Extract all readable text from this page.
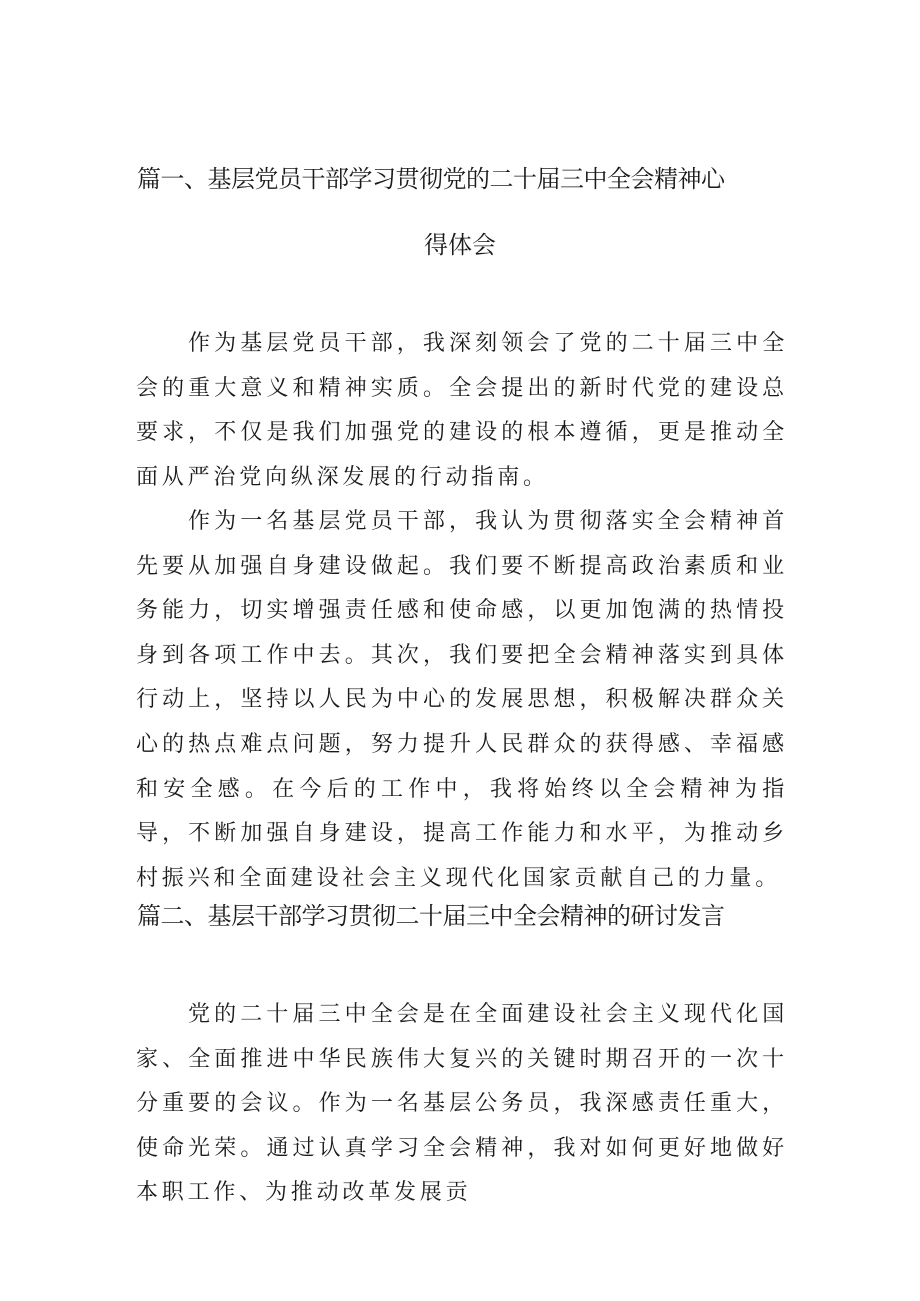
篇一、基层党员干部学习贯彻党的二十届三中全会精神心
得体会

作为基层党员干部，我深刻领会了党的二十届三中全会的重大意义和精神实质。全会提出的新时代党的建设总要求，不仅是我们加强党的建设的根本遵循，更是推动全面从严治党向纵深发展的行动指南。

作为一名基层党员干部，我认为贯彻落实全会精神首先要从加强自身建设做起。我们要不断提高政治素质和业务能力，切实增强责任感和使命感，以更加饱满的热情投身到各项工作中去。其次，我们要把全会精神落实到具体行动上，坚持以人民为中心的发展思想，积极解决群众关心的热点难点问题，努力提升人民群众的获得感、幸福感和安全感。在今后的工作中，我将始终以全会精神为指导，不断加强自身建设，提高工作能力和水平，为推动乡村振兴和全面建设社会主义现代化国家贡献自己的力量。

篇二、基层干部学习贯彻二十届三中全会精神的研讨发言

党的二十届三中全会是在全面建设社会主义现代化国家、全面推进中华民族伟大复兴的关键时期召开的一次十分重要的会议。作为一名基层公务员，我深感责任重大，使命光荣。通过认真学习全会精神，我对如何更好地做好本职工作、为推动改革发展贡
